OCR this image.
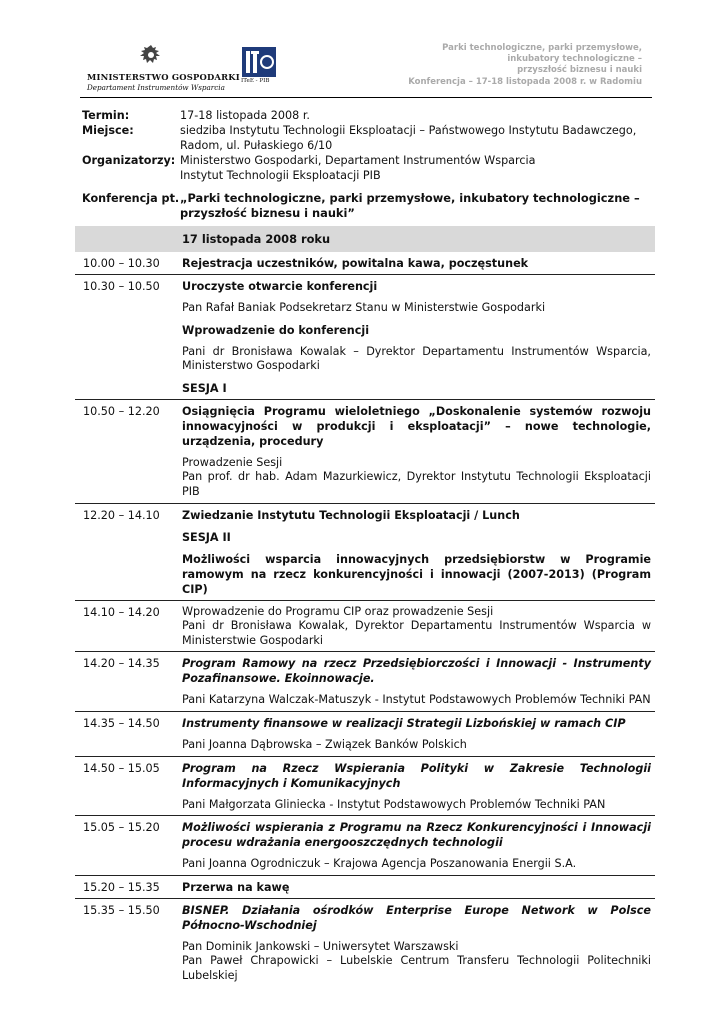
MINISTERSTWO GOSPODARKI
Departament Instrumentów Wsparcia
ITeE - PIB
Parki technologiczne, parki przemysłowe,
inkubatory technologiczne –
przyszłość biznesu i nauki
Konferencja – 17-18 listopada 2008 r. w Radomiu
Termin:	17-18 listopada 2008 r.
Miejsce:	siedziba Instytutu Technologii Eksploatacji – Państwowego Instytutu Badawczego,
Radom, ul. Pułaskiego 6/10
Organizatorzy: Ministerstwo Gospodarki, Departament Instrumentów Wsparcia
Instytut Technologii Eksploatacji PIB
Konferencja pt. „Parki technologiczne, parki przemysłowe, inkubatory technologiczne – przyszłość biznesu i nauki”
17 listopada 2008 roku
10.00 – 10.30	Rejestracja uczestników, powitalna kawa, poczęstunek
10.30 – 10.50	Uroczyste otwarcie konferencji
Pan Rafał Baniak Podsekretarz Stanu w Ministerstwie Gospodarki
Wprowadzenie do konferencji
Pani dr Bronisława Kowalak – Dyrektor Departamentu Instrumentów Wsparcia, Ministerstwo Gospodarki
SESJA I
10.50 – 12.20	Osiągnięcia Programu wieloletniego „Doskonalenie systemów rozwoju innowacyjności w produkcji i eksploatacji” – nowe technologie, urządzenia, procedury
Prowadzenie Sesji
Pan prof. dr hab. Adam Mazurkiewicz, Dyrektor Instytutu Technologii Eksploatacji PIB
12.20 – 14.10	Zwiedzanie Instytutu Technologii Eksploatacji / Lunch
SESJA II
Możliwości wsparcia innowacyjnych przedsiębiorstw w Programie ramowym na rzecz konkurencyjności i innowacji (2007-2013) (Program CIP)
14.10 – 14.20	Wprowadzenie do Programu CIP oraz prowadzenie Sesji
Pani dr Bronisława Kowalak, Dyrektor Departamentu Instrumentów Wsparcia w Ministerstwie Gospodarki
14.20 – 14.35	Program Ramowy na rzecz Przedsiębiorczości i Innowacji - Instrumenty Pozafinansowe. Ekoinnowacje.
Pani Katarzyna Walczak-Matuszyk - Instytut Podstawowych Problemów Techniki PAN
14.35 – 14.50	Instrumenty finansowe w realizacji Strategii Lizbońskiej w ramach CIP
Pani Joanna Dąbrowska – Związek Banków Polskich
14.50 – 15.05	Program na Rzecz Wspierania Polityki w Zakresie Technologii Informacyjnych i Komunikacyjnych
Pani Małgorzata Gliniecka - Instytut Podstawowych Problemów Techniki PAN
15.05 – 15.20	Możliwości wspierania z Programu na Rzecz Konkurencyjności i Innowacji procesu wdrażania energooszczędnych technologii
Pani Joanna Ogrodniczuk – Krajowa Agencja Poszanowania Energii S.A.
15.20 – 15.35	Przerwa na kawę
15.35 – 15.50	BISNEP. Działania ośrodków Enterprise Europe Network w Polsce Północno-Wschodniej
Pan Dominik Jankowski – Uniwersytet Warszawski
Pan Paweł Chrapowicki – Lubelskie Centrum Transferu Technologii Politechniki Lubelskiej
